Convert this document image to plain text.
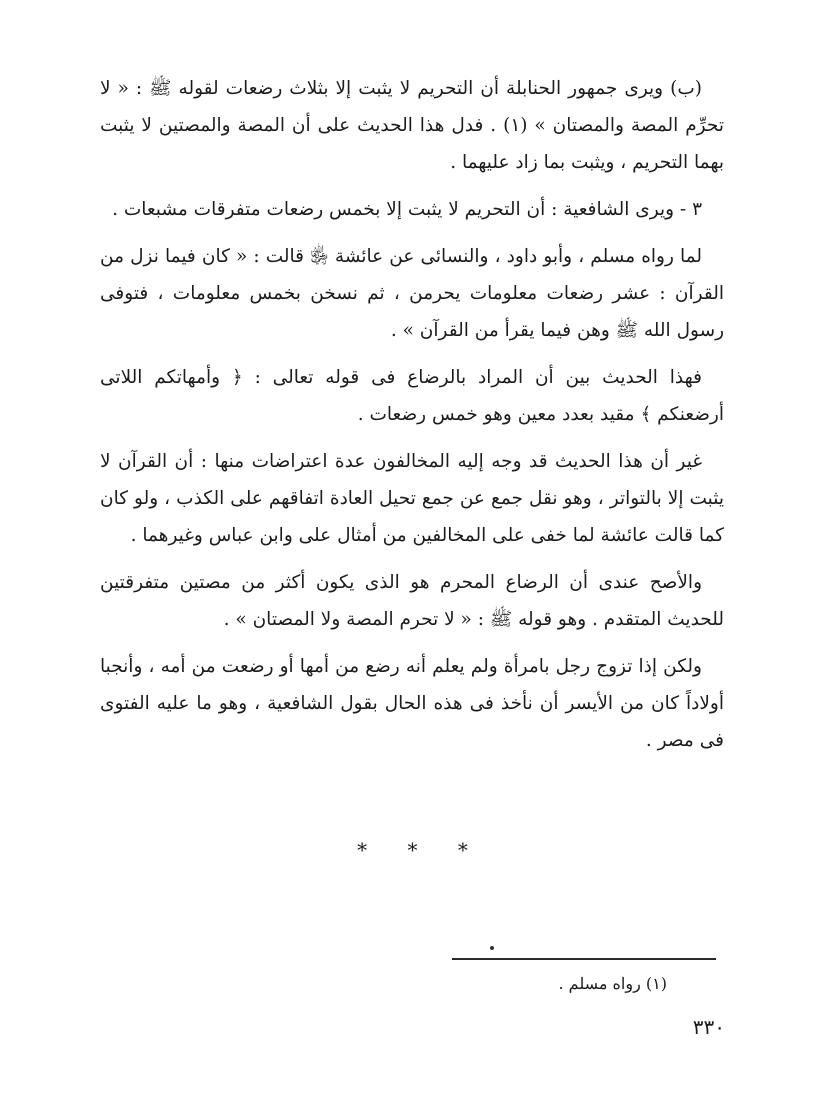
(ب) ويرى جمهور الحنابلة أن التحريم لا يثبت إلا بثلاث رضعات لقوله ﷺ : « لا تحرِّم المصة والمصتان » (١) . فدل هذا الحديث على أن المصة والمصتين لا يثبت بهما التحريم ، ويثبت بما زاد عليهما .

٣ - ويرى الشافعية : أن التحريم لا يثبت إلا بخمس رضعات متفرقات مشبعات .

لما رواه مسلم ، وأبو داود ، والنسائى عن عائشة ﵂ قالت : « كان فيما نزل من القرآن : عشر رضعات معلومات يحرمن ، ثم نسخن بخمس معلومات ، فتوفى رسول الله ﷺ وهن فيما يقرأ من القرآن » .

فهذا الحديث بين أن المراد بالرضاع فى قوله تعالى : ﴿ وأمهاتكم اللاتى أرضعنكم ﴾ مقيد بعدد معين وهو خمس رضعات .

غير أن هذا الحديث قد وجه إليه المخالفون عدة اعتراضات منها : أن القرآن لا يثبت إلا بالتواتر ، وهو نقل جمع عن جمع تحيل العادة اتفاقهم على الكذب ، ولو كان كما قالت عائشة لما خفى على المخالفين من أمثال على وابن عباس وغيرهما .

والأصح عندى أن الرضاع المحرم هو الذى يكون أكثر من مصتين متفرقتين للحديث المتقدم . وهو قوله ﷺ : « لا تحرم المصة ولا المصتان » .

ولكن إذا تزوج رجل بامرأة ولم يعلم أنه رضع من أمها أو رضعت من أمه ، وأنجبا أولاداً كان من الأيسر أن نأخذ فى هذه الحال بقول الشافعية ، وهو ما عليه الفتوى فى مصر .

* * *
(١) رواه مسلم .
٣٣٠
